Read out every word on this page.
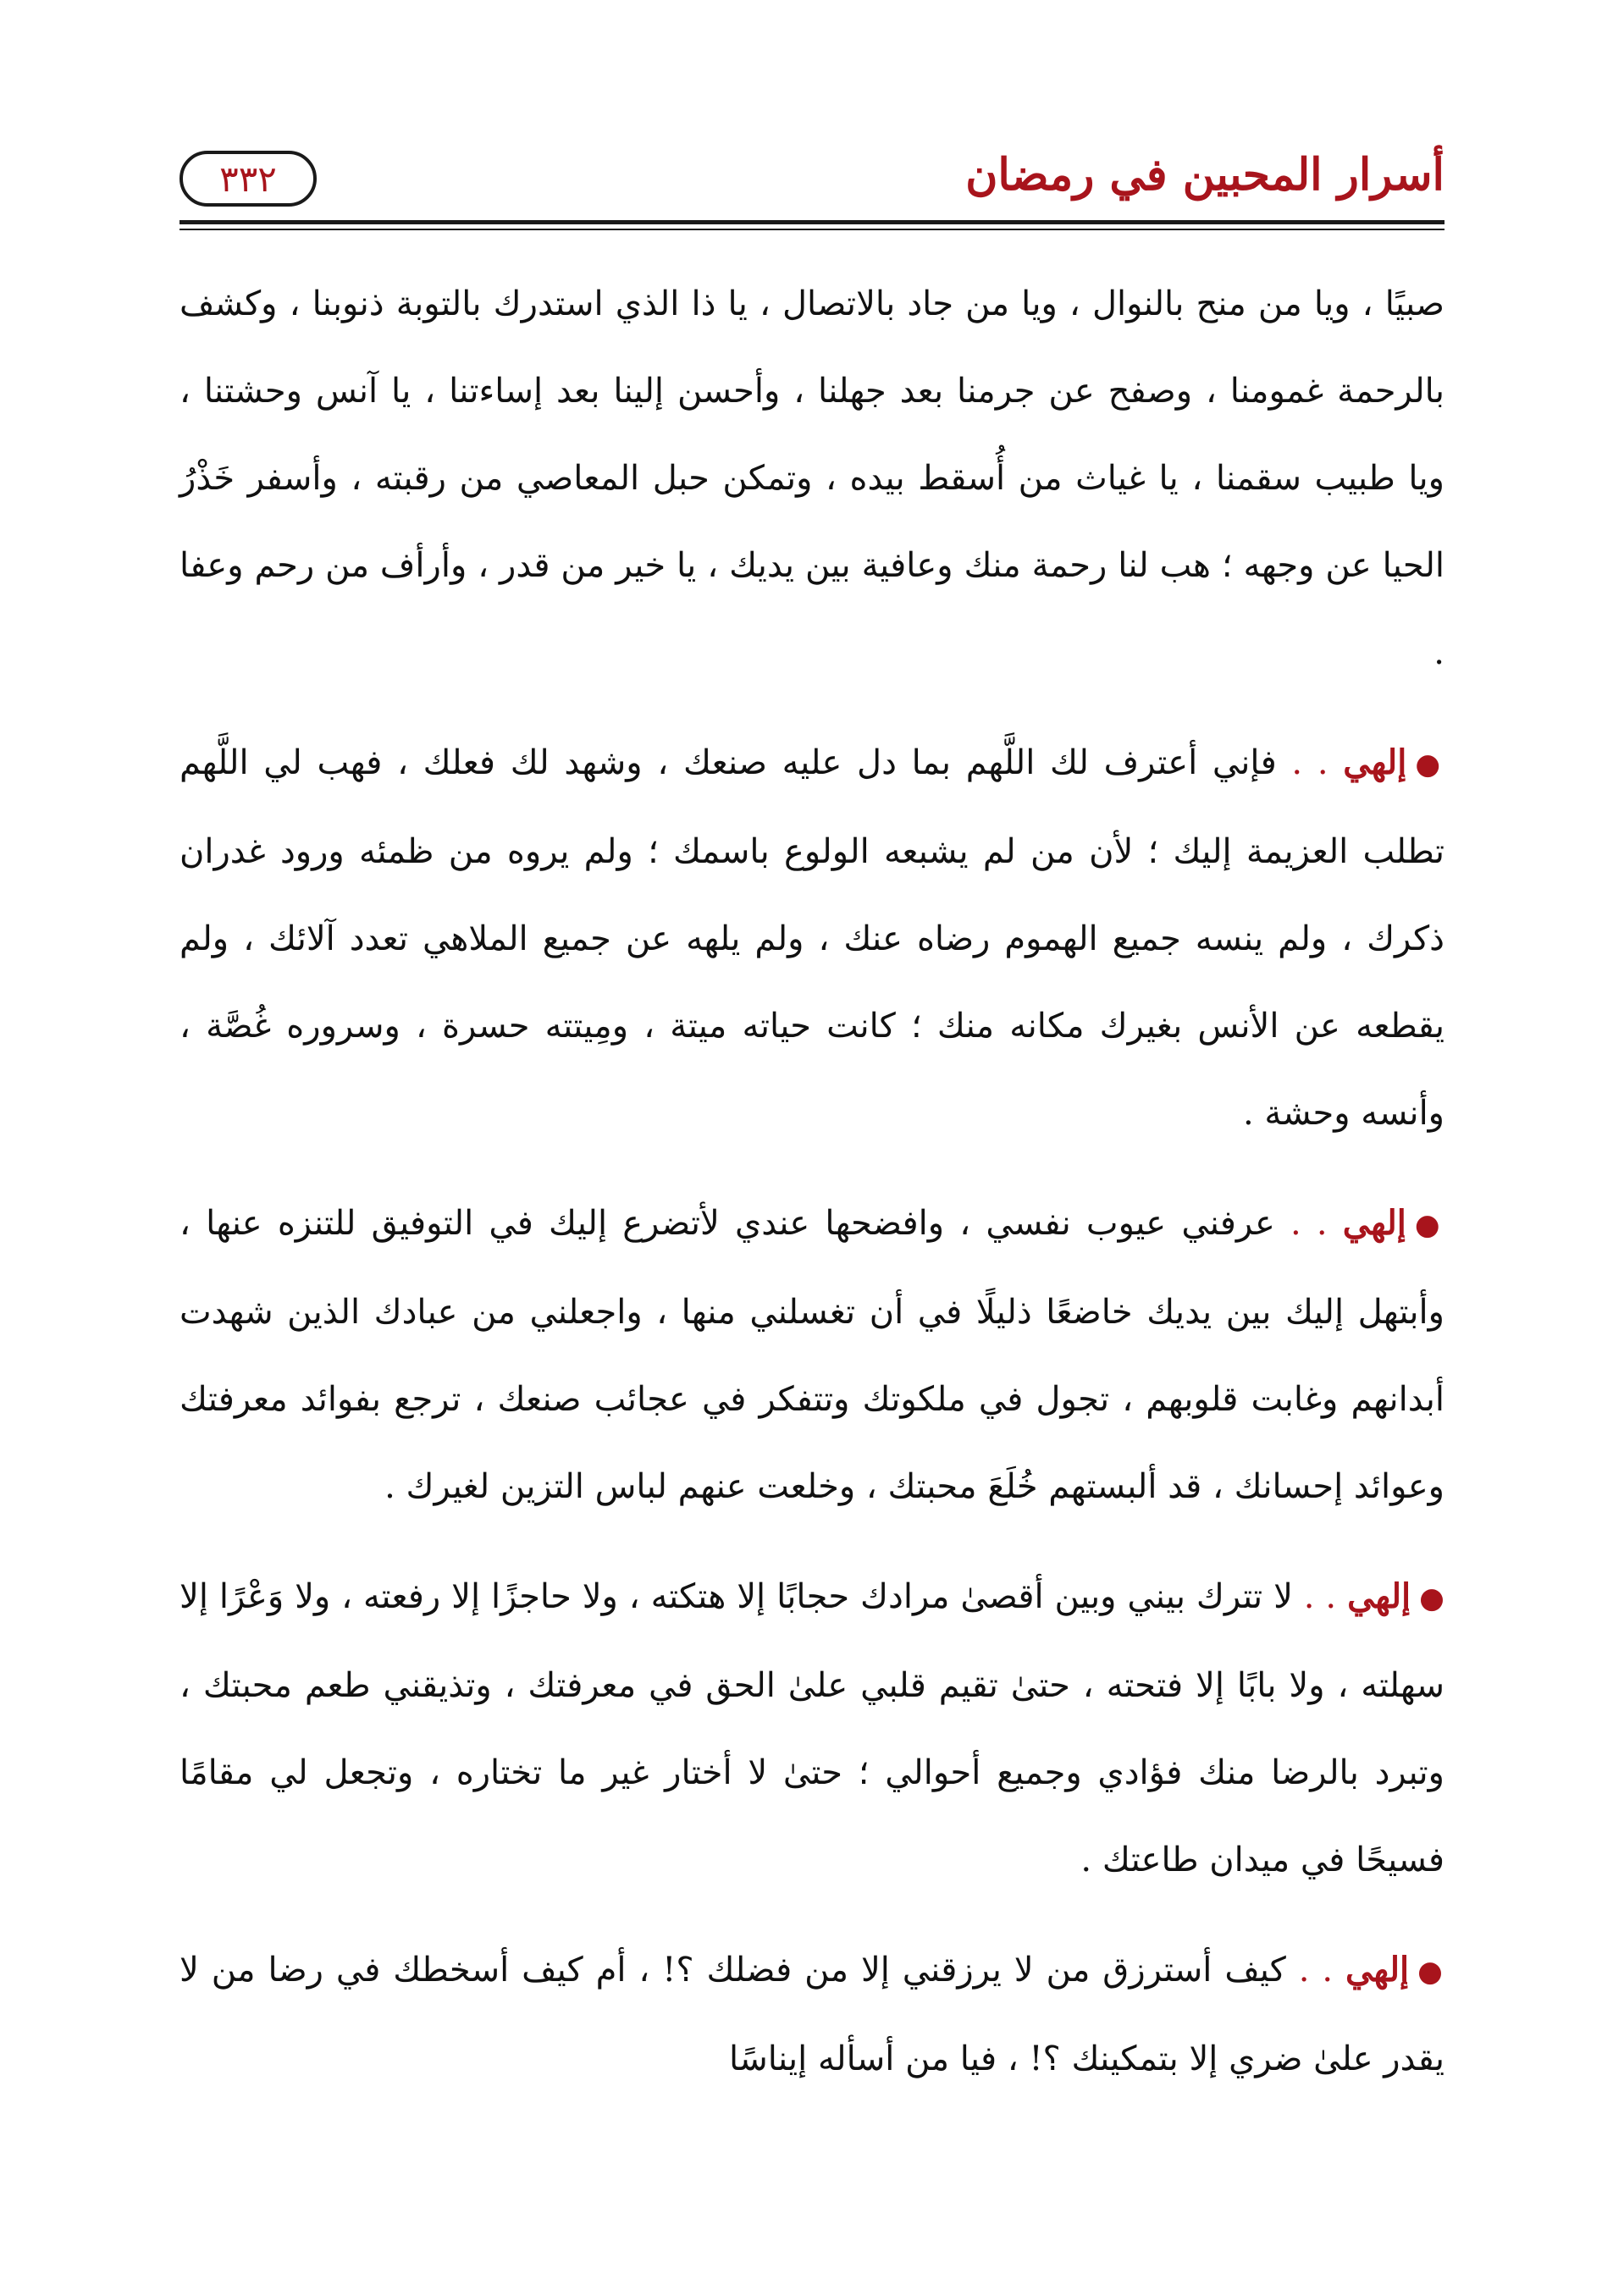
أسرار المحبين في رمضان
٣٣٢

صبيًا ، ويا من منح بالنوال ، ويا من جاد بالاتصال ، يا ذا الذي استدرك بالتوبة ذنوبنا ، وكشف بالرحمة غمومنا ، وصفح عن جرمنا بعد جهلنا ، وأحسن إلينا بعد إساءتنا ، يا آنس وحشتنا ، ويا طبيب سقمنا ، يا غياث من أُسقط بيده ، وتمكن حبل المعاصي من رقبته ، وأسفر خَذْرُ الحيا عن وجهه ؛ هب لنا رحمة منك وعافية بين يديك ، يا خير من قدر ، وأرأف من رحم وعفا .

●إلهي . . فإني أعترف لك اللَّهم بما دل عليه صنعك ، وشهد لك فعلك ، فهب لي اللَّهم تطلب العزيمة إليك ؛ لأن من لم يشبعه الولوع باسمك ؛ ولم يروه من ظمئه ورود غدران ذكرك ، ولم ينسه جميع الهموم رضاه عنك ، ولم يلهه عن جميع الملاهي تعدد آلائك ، ولم يقطعه عن الأنس بغيرك مكانه منك ؛ كانت حياته ميتة ، ومِيتته حسرة ، وسروره غُصَّة ، وأنسه وحشة .

●إلهي . . عرفني عيوب نفسي ، وافضحها عندي لأتضرع إليك في التوفيق للتنزه عنها ، وأبتهل إليك بين يديك خاضعًا ذليلًا في أن تغسلني منها ، واجعلني من عبادك الذين شهدت أبدانهم وغابت قلوبهم ، تجول في ملكوتك وتتفكر في عجائب صنعك ، ترجع بفوائد معرفتك وعوائد إحسانك ، قد ألبستهم خُلَعَ محبتك ، وخلعت عنهم لباس التزين لغيرك .

●إلهي . . لا تترك بيني وبين أقصىٰ مرادك حجابًا إلا هتكته ، ولا حاجزًا إلا رفعته ، ولا وَعْرًا إلا سهلته ، ولا بابًا إلا فتحته ، حتىٰ تقيم قلبي علىٰ الحق في معرفتك ، وتذيقني طعم محبتك ، وتبرد بالرضا منك فؤادي وجميع أحوالي ؛ حتىٰ لا أختار غير ما تختاره ، وتجعل لي مقامًا فسيحًا في ميدان طاعتك .

●إلهي . . كيف أسترزق من لا يرزقني إلا من فضلك ؟! ، أم كيف أسخطك في رضا من لا يقدر علىٰ ضري إلا بتمكينك ؟! ، فيا من أسأله إيناسًا
